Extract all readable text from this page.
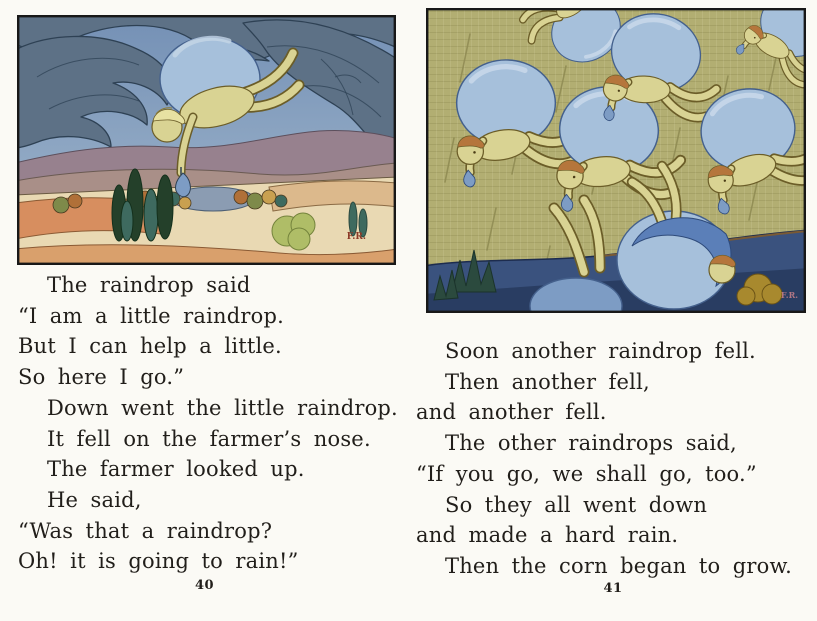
F.R.

The raindrop said

“I am a little raindrop.

But I can help a little.

So here I go.”

Down went the little raindrop.

It fell on the farmer’s nose.

The farmer looked up.

He said,

“Was that a raindrop?

Oh! it is going to rain!”

40
F.R.

Soon another raindrop fell.

Then another fell,

and another fell.

The other raindrops said,

“If you go, we shall go, too.”

So they all went down

and made a hard rain.

Then the corn began to grow.

41
